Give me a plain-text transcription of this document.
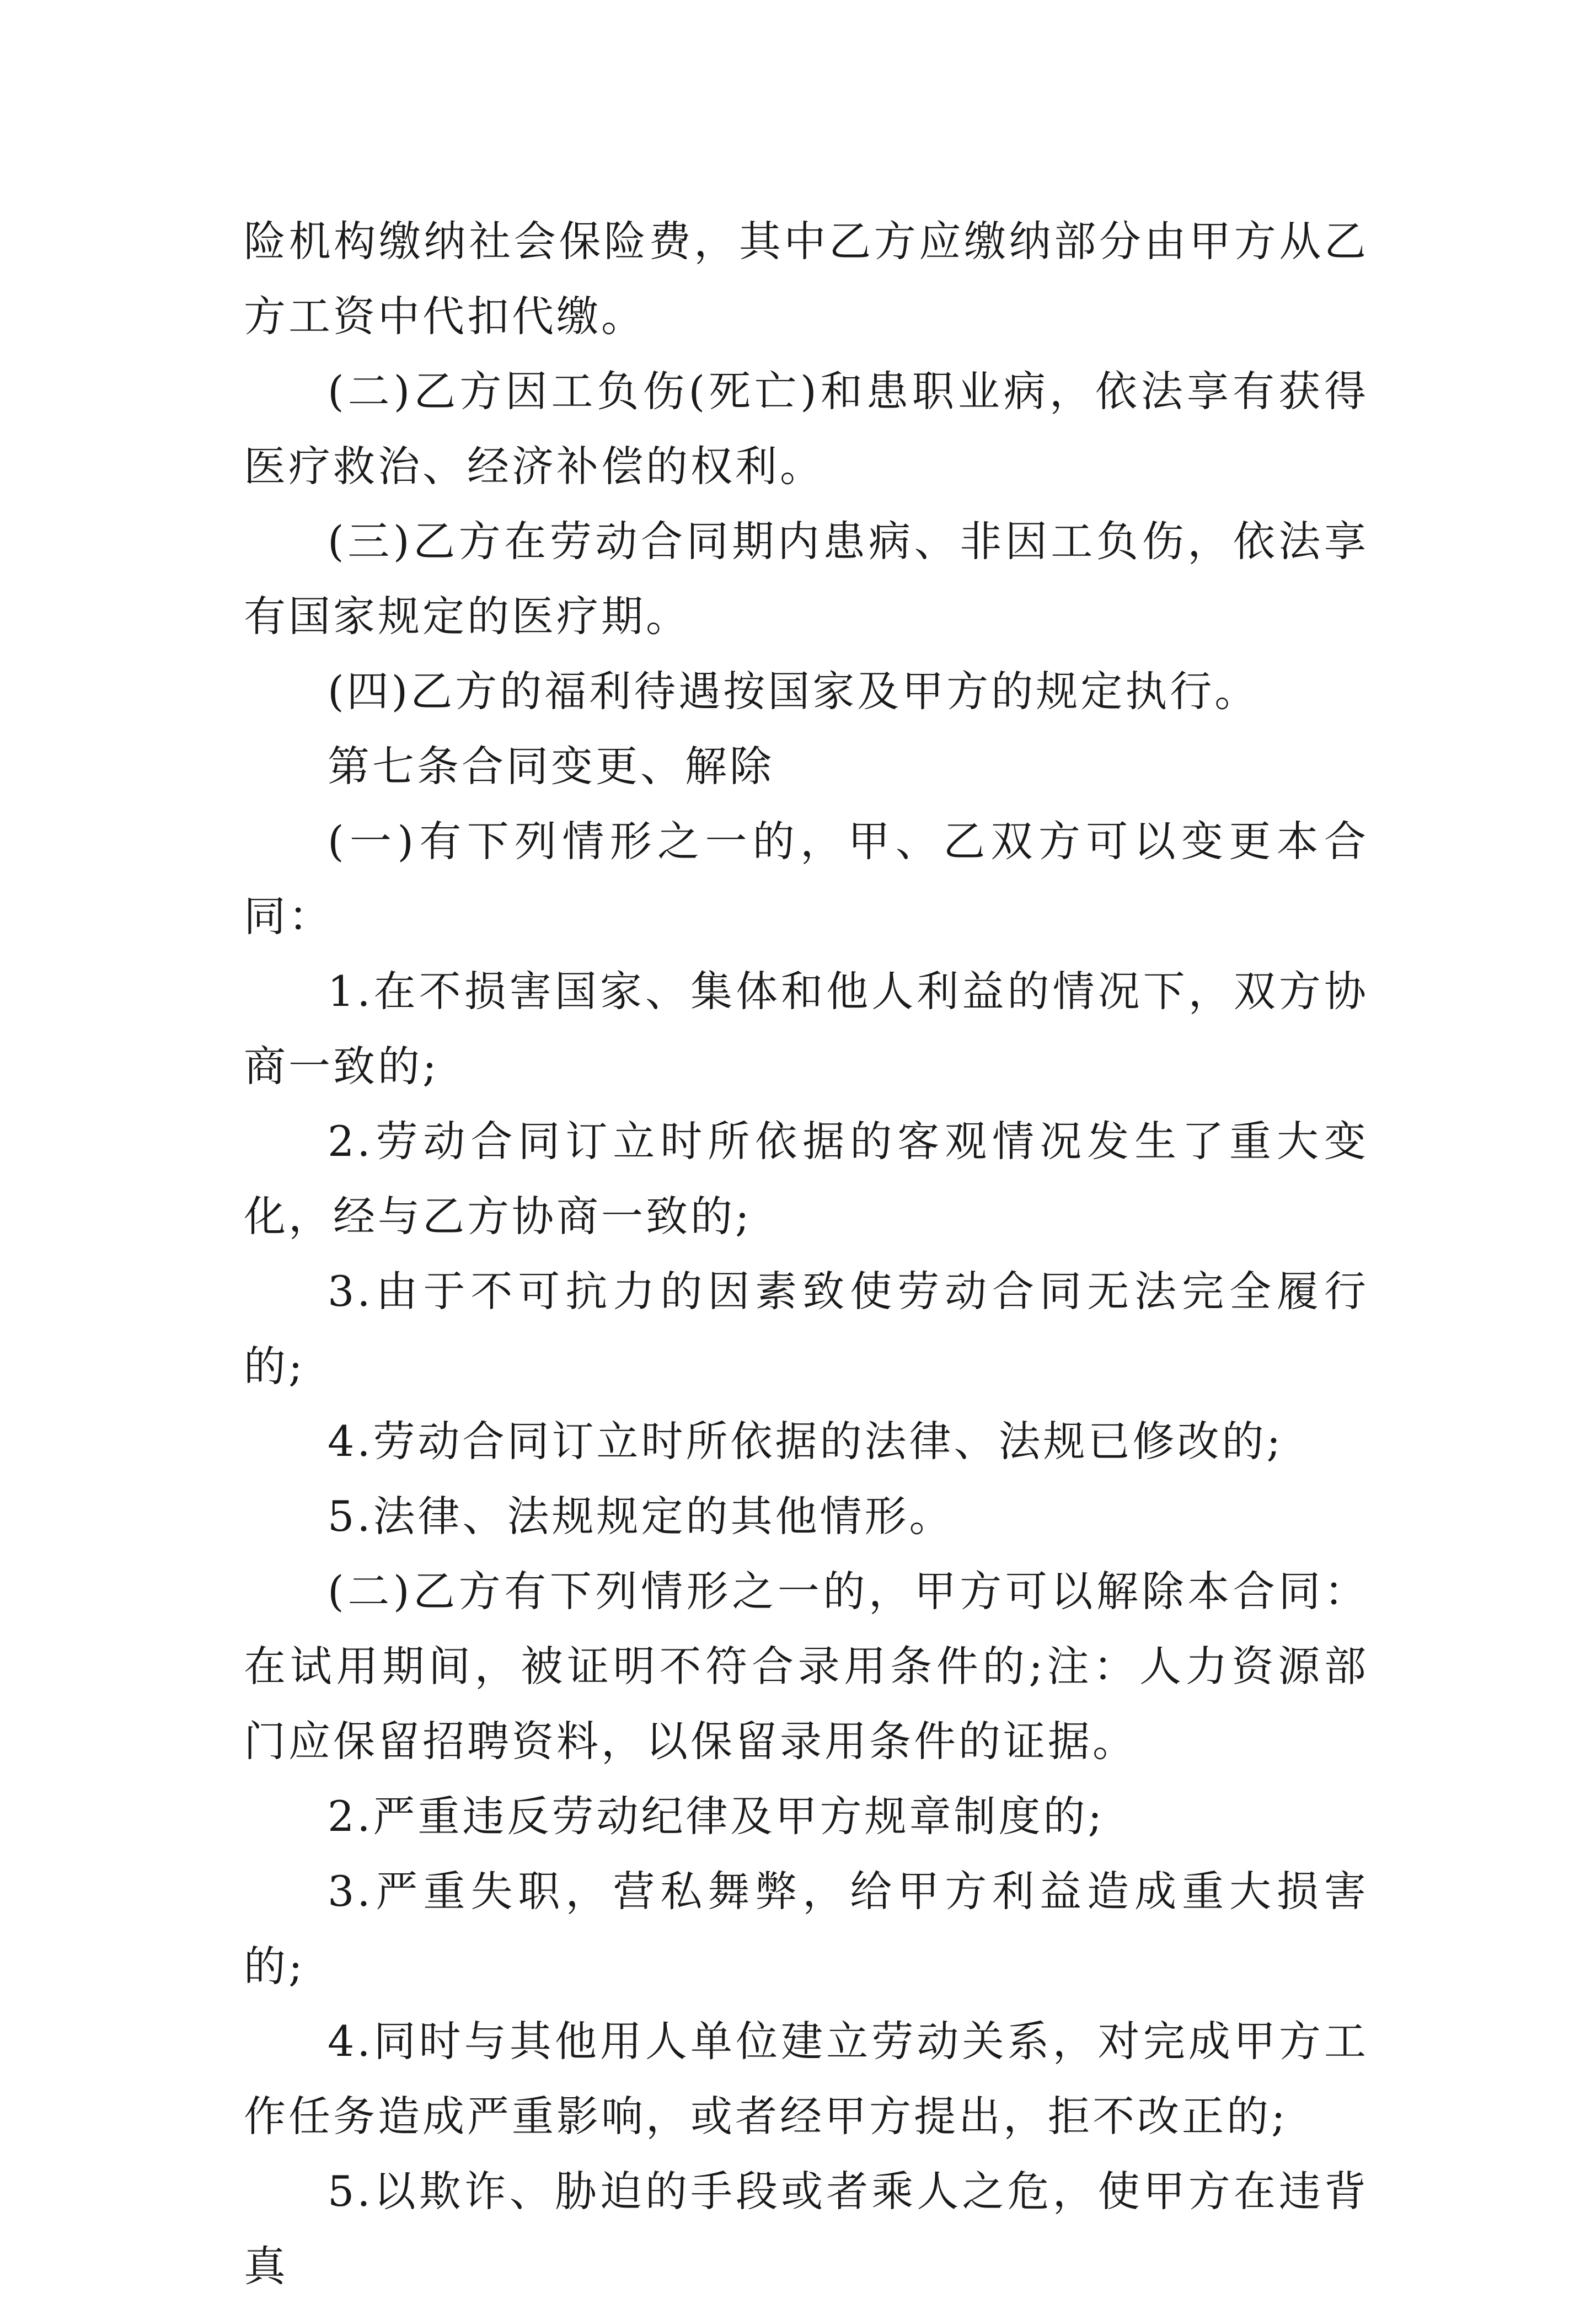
险机构缴纳社会保险费，其中乙方应缴纳部分由甲方从乙方工资中代扣代缴。

(二)乙方因工负伤(死亡)和患职业病，依法享有获得医疗救治、经济补偿的权利。

(三)乙方在劳动合同期内患病、非因工负伤，依法享有国家规定的医疗期。

(四)乙方的福利待遇按国家及甲方的规定执行。

第七条合同变更、解除

(一)有下列情形之一的，甲、乙双方可以变更本合同：

1.在不损害国家、集体和他人利益的情况下，双方协商一致的;

2.劳动合同订立时所依据的客观情况发生了重大变化，经与乙方协商一致的;

3.由于不可抗力的因素致使劳动合同无法完全履行的;

4.劳动合同订立时所依据的法律、法规已修改的;

5.法律、法规规定的其他情形。

(二)乙方有下列情形之一的，甲方可以解除本合同：在试用期间，被证明不符合录用条件的;注：人力资源部门应保留招聘资料，以保留录用条件的证据。

2.严重违反劳动纪律及甲方规章制度的;

3.严重失职，营私舞弊，给甲方利益造成重大损害的;

4.同时与其他用人单位建立劳动关系，对完成甲方工作任务造成严重影响，或者经甲方提出，拒不改正的;

5.以欺诈、胁迫的手段或者乘人之危，使甲方在违背真
